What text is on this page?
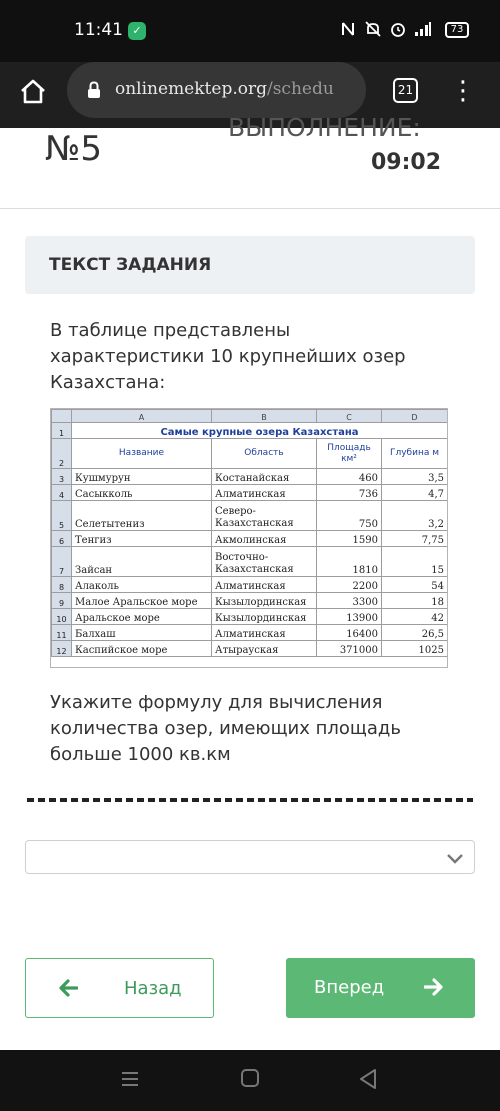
11:41 ✓
	73
onlinemektep.org/schedu	21 ⋮
№5
ВЫПОЛНЕНИЕ:
09:02
ТЕКСТ ЗАДАНИЯ
В таблице представлены характеристики 10 крупнейших озер Казахстана:
	A	B	C	D
1	Самые крупные озера Казахстана			
2	Название	Область	Площадь км²	Глубина м
3	Кушмурун	Костанайская	460	3,5
4	Сасыкколь	Алматинская	736	4,7
5	Селетытениз	Северо-Казахстанская	750	3,2
6	Тенгиз	Акмолинская	1590	7,75
7	Зайсан	Восточно-Казахстанская	1810	15
8	Алаколь	Алматинская	2200	54
9	Малое Аральское море	Кызылординская	3300	18
10	Аральское море	Кызылординская	13900	42
11	Балхаш	Алматинская	16400	26,5
12	Каспийское море	Атырауская	371000	1025
Укажите формулу для вычисления количества озер, имеющих площадь больше 1000 кв.км
Назад	Вперед
